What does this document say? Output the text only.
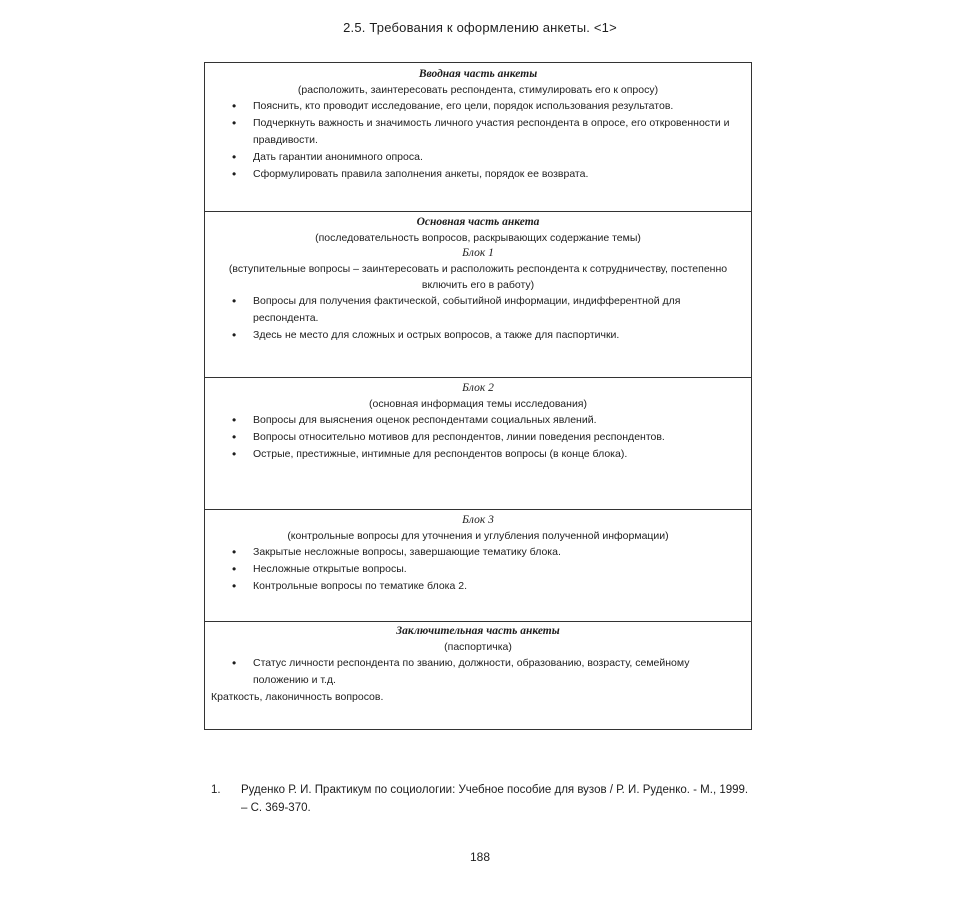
2.5. Требования к оформлению анкеты. <1>
Вводная часть анкеты
(расположить, заинтересовать респондента, стимулировать его к опросу)
• Пояснить, кто проводит исследование, его цели, порядок использования результатов.
• Подчеркнуть важность и значимость личного участия респондента в опросе, его откровенности и правдивости.
• Дать гарантии анонимного опроса.
• Сформулировать правила заполнения анкеты, порядок ее возврата.
Основная часть анкета
(последовательность вопросов, раскрывающих содержание темы)
Блок 1
(вступительные вопросы – заинтересовать и расположить респондента к сотрудничеству, постепенно включить его в работу)
• Вопросы для получения фактической, событийной информации, индифферентной для респондента.
• Здесь не место для сложных и острых вопросов, а также для паспортички.
Блок 2
(основная информация темы исследования)
• Вопросы для выяснения оценок респондентами социальных явлений.
• Вопросы относительно мотивов для респондентов, линии поведения респондентов.
• Острые, престижные, интимные для респондентов вопросы (в конце блока).
Блок 3
(контрольные вопросы для уточнения и углубления полученной информации)
• Закрытые несложные вопросы, завершающие тематику блока.
• Несложные открытые вопросы.
• Контрольные вопросы по тематике блока 2.
Заключительная часть анкеты
(паспортичка)
• Статус личности респондента по званию, должности, образованию, возрасту, семейному положению и т.д.
Краткость, лаконичность вопросов.
1.	Руденко Р. И. Практикум по социологии: Учебное пособие для вузов / Р. И. Руденко. - М., 1999. – С. 369-370.
188
